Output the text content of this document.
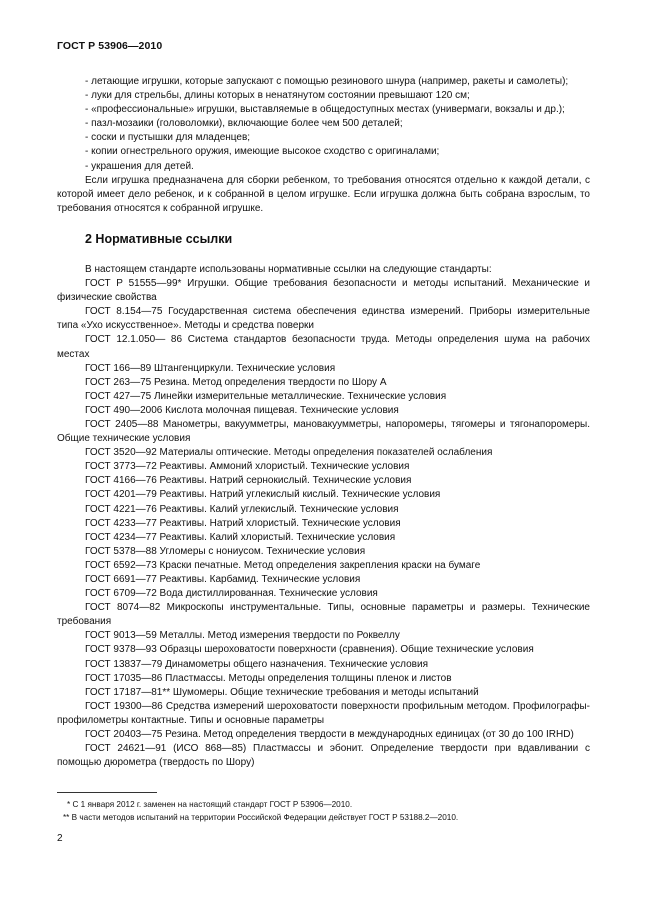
ГОСТ Р 53906—2010

- летающие игрушки, которые запускают с помощью резинового шнура (например, ракеты и самолеты);

- луки для стрельбы, длины которых в ненатянутом состоянии превышают 120 см;

- «профессиональные» игрушки, выставляемые в общедоступных местах (универмаги, вокзалы и др.);

- пазл-мозаики (головоломки), включающие более чем 500 деталей;

- соски и пустышки для младенцев;

- копии огнестрельного оружия, имеющие высокое сходство с оригиналами;

- украшения для детей.

Если игрушка предназначена для сборки ребенком, то требования относятся отдельно к каждой детали, с которой имеет дело ребенок, и к собранной в целом игрушке. Если игрушка должна быть собрана взрослым, то требования относятся к собранной игрушке.

2 Нормативные ссылки

В настоящем стандарте использованы нормативные ссылки на следующие стандарты:

ГОСТ Р 51555—99* Игрушки. Общие требования безопасности и методы испытаний. Механические и физические свойства

ГОСТ 8.154—75 Государственная система обеспечения единства измерений. Приборы измерительные типа «Ухо искусственное». Методы и средства поверки

ГОСТ 12.1.050— 86 Система стандартов безопасности труда. Методы определения шума на рабочих местах

ГОСТ 166—89 Штангенциркули. Технические условия

ГОСТ 263—75 Резина. Метод определения твердости по Шору А

ГОСТ 427—75 Линейки измерительные металлические. Технические условия

ГОСТ 490—2006 Кислота молочная пищевая. Технические условия

ГОСТ 2405—88 Манометры, вакуумметры, мановакуумметры, напоромеры, тягомеры и тягонапоромеры. Общие технические условия

ГОСТ 3520—92 Материалы оптические. Методы определения показателей ослабления

ГОСТ 3773—72 Реактивы. Аммоний хлористый. Технические условия

ГОСТ 4166—76 Реактивы. Натрий сернокислый. Технические условия

ГОСТ 4201—79 Реактивы. Натрий углекислый кислый. Технические условия

ГОСТ 4221—76 Реактивы. Калий углекислый. Технические условия

ГОСТ 4233—77 Реактивы. Натрий хлористый. Технические условия

ГОСТ 4234—77 Реактивы. Калий хлористый. Технические условия

ГОСТ 5378—88 Угломеры с нониусом. Технические условия

ГОСТ 6592—73 Краски печатные. Метод определения закрепления краски на бумаге

ГОСТ 6691—77 Реактивы. Карбамид. Технические условия

ГОСТ 6709—72 Вода дистиллированная. Технические условия

ГОСТ 8074—82 Микроскопы инструментальные. Типы, основные параметры и размеры. Технические требования

ГОСТ 9013—59 Металлы. Метод измерения твердости по Роквеллу

ГОСТ 9378—93 Образцы шероховатости поверхности (сравнения). Общие технические условия

ГОСТ 13837—79 Динамометры общего назначения. Технические условия

ГОСТ 17035—86 Пластмассы. Методы определения толщины пленок и листов

ГОСТ 17187—81** Шумомеры. Общие технические требования и методы испытаний

ГОСТ 19300—86 Средства измерений шероховатости поверхности профильным методом. Профилографы-профилометры контактные. Типы и основные параметры

ГОСТ 20403—75 Резина. Метод определения твердости в международных единицах (от 30 до 100 IRHD)

ГОСТ 24621—91 (ИСО 868—85) Пластмассы и эбонит. Определение твердости при вдавливании с помощью дюрометра (твердость по Шору)

* С 1 января 2012 г. заменен на настоящий стандарт ГОСТ Р 53906—2010.

** В части методов испытаний на территории Российской Федерации действует ГОСТ Р 53188.2—2010.

2
